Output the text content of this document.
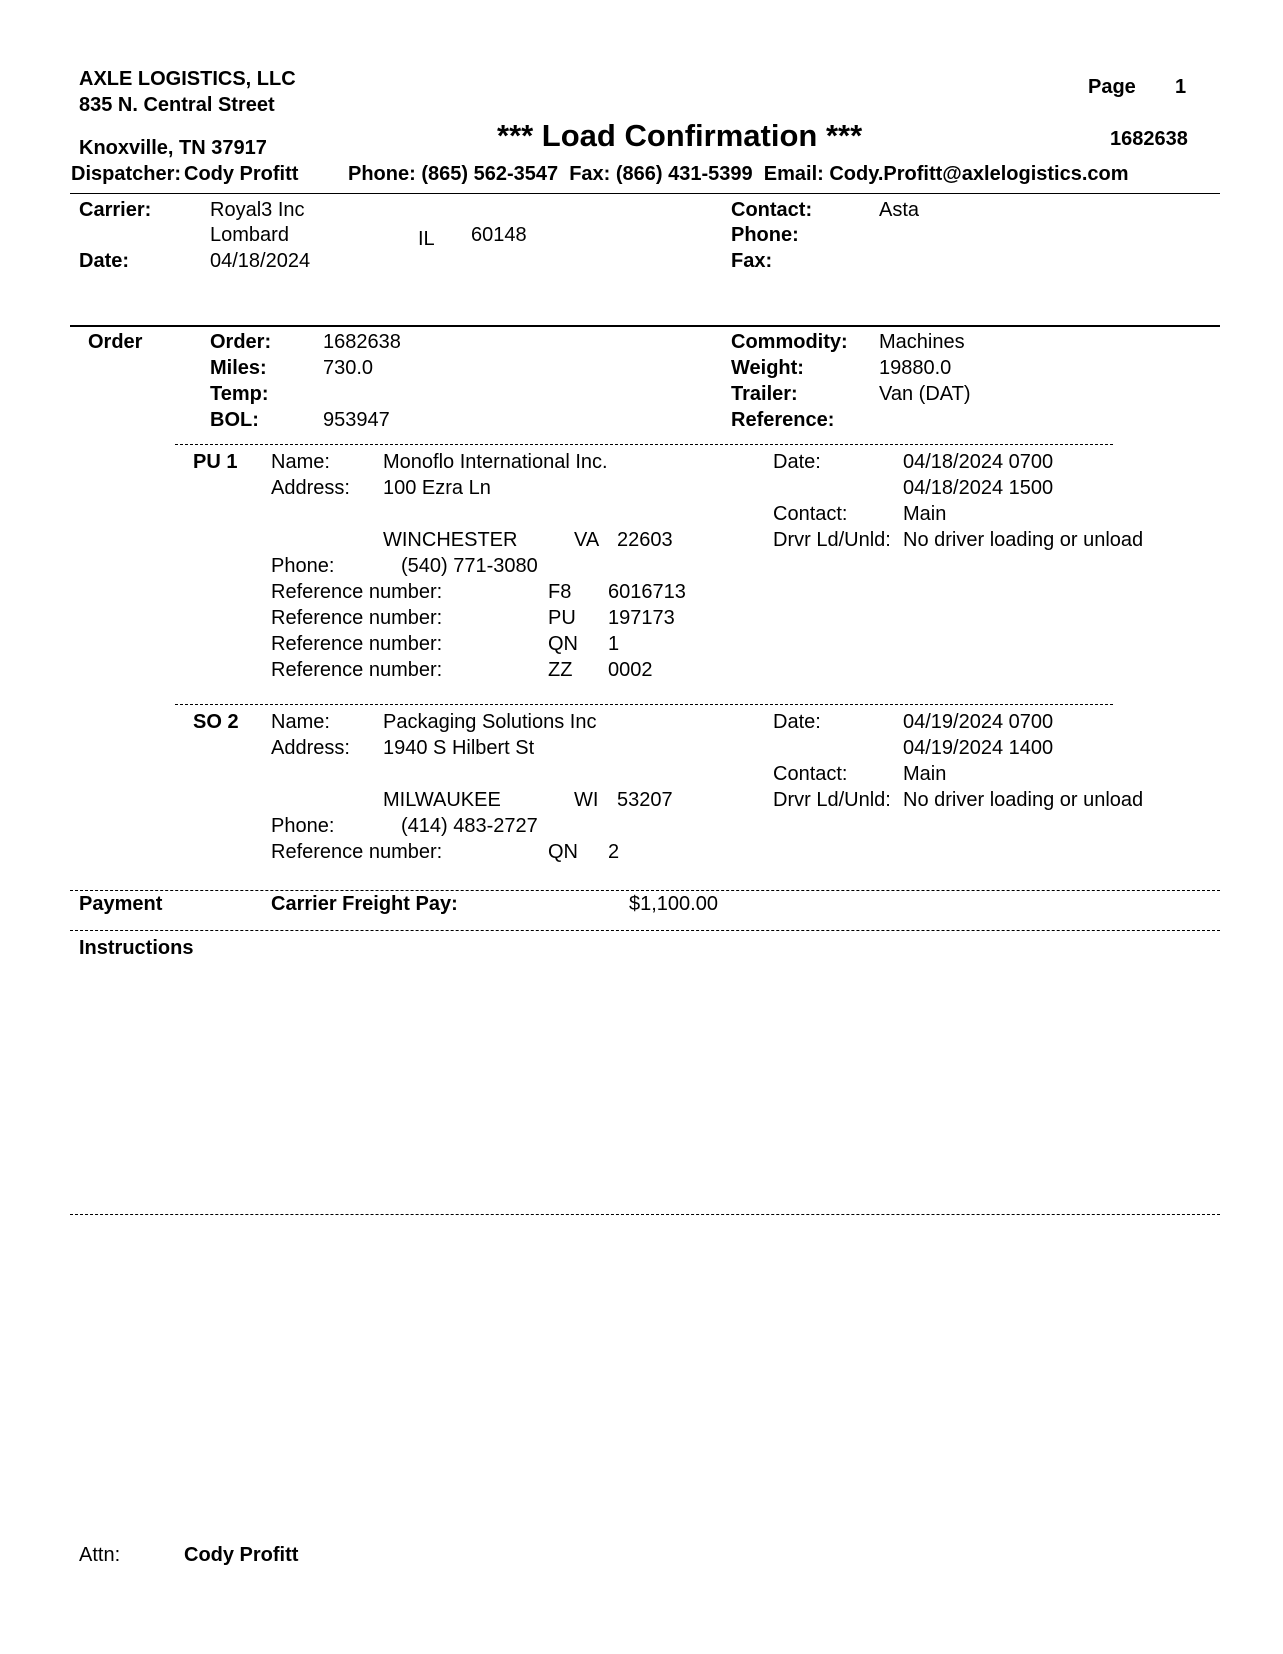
AXLE LOGISTICS, LLC
835 N. Central Street
Knoxville, TN 37917
Page 1
*** Load Confirmation ***	1682638
Dispatcher: Cody Profitt Phone: (865) 562-3547  Fax: (866) 431-5399  Email: Cody.Profitt@axlelogistics.com
Carrier:	Royal3 Inc
Lombard	IL 60148
Date:	04/18/2024
Contact:	Asta
Phone:
Fax:
Order	Order:	1682638
Miles:	730.0
Temp:
BOL:	953947
Commodity: Machines
Weight:	19880.0
Trailer:	Van (DAT)
Reference:
PU 1 Name:	Monoflo International Inc.
Address: 100 Ezra Ln
WINCHESTER	VA 22603
Phone:	(540) 771-3080
Reference number:	F8 6016713
Reference number:	PU 197173
Reference number:	QN 1
Reference number:	ZZ 0002
Date:	04/18/2024 0700
04/18/2024 1500
Contact:	Main
Drvr Ld/Unld: No driver loading or unload
SO 2 Name:	Packaging Solutions Inc
Address: 1940 S Hilbert St
MILWAUKEE	WI 53207
Phone:	(414) 483-2727
Reference number:	QN 2
Date:	04/19/2024 0700
04/19/2024 1400
Contact:	Main
Drvr Ld/Unld: No driver loading or unload
Payment	Carrier Freight Pay:	$1,100.00
Instructions
Attn:	Cody Profitt
